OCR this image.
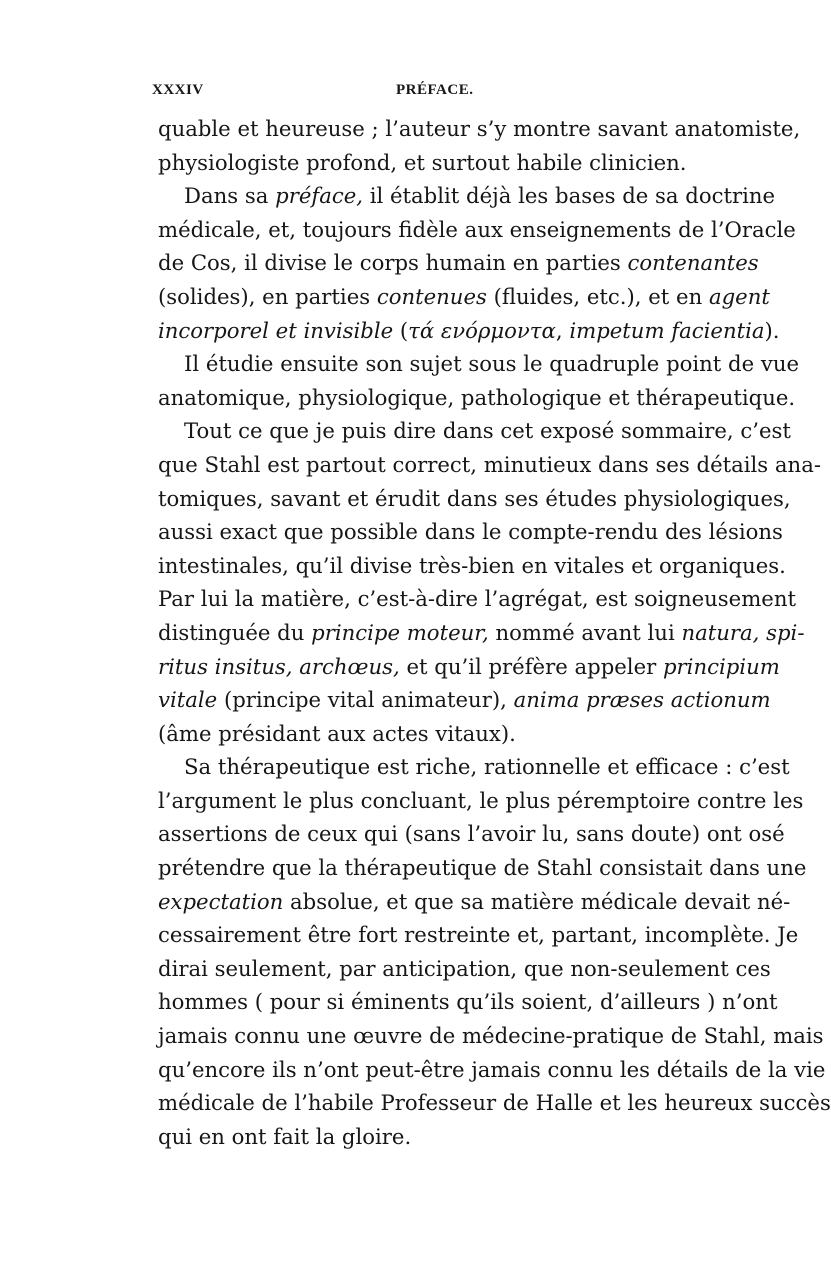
XXXIV	PRÉFACE.
quable et heureuse ; l’auteur s’y montre savant anatomiste,
physiologiste profond, et surtout habile clinicien.
Dans sa préface, il établit déjà les bases de sa doctrine
médicale, et, toujours fidèle aux enseignements de l’Oracle
de Cos, il divise le corps humain en parties contenantes
(solides), en parties contenues (fluides, etc.), et en agent
incorporel et invisible (τά ενόρμοντα, impetum facientia).
Il étudie ensuite son sujet sous le quadruple point de vue
anatomique, physiologique, pathologique et thérapeutique.
Tout ce que je puis dire dans cet exposé sommaire, c’est
que Stahl est partout correct, minutieux dans ses détails ana-
tomiques, savant et érudit dans ses études physiologiques,
aussi exact que possible dans le compte-rendu des lésions
intestinales, qu’il divise très-bien en vitales et organiques.
Par lui la matière, c’est-à-dire l’agrégat, est soigneusement
distinguée du principe moteur, nommé avant lui natura, spi-
ritus insitus, archœus, et qu’il préfère appeler principium
vitale (principe vital animateur), anima præses actionum
(âme présidant aux actes vitaux).
Sa thérapeutique est riche, rationnelle et efficace : c’est
l’argument le plus concluant, le plus péremptoire contre les
assertions de ceux qui (sans l’avoir lu, sans doute) ont osé
prétendre que la thérapeutique de Stahl consistait dans une
expectation absolue, et que sa matière médicale devait né-
cessairement être fort restreinte et, partant, incomplète. Je
dirai seulement, par anticipation, que non-seulement ces
hommes ( pour si éminents qu’ils soient, d’ailleurs ) n’ont
jamais connu une œuvre de médecine-pratique de Stahl, mais
qu’encore ils n’ont peut-être jamais connu les détails de la vie
médicale de l’habile Professeur de Halle et les heureux succès
qui en ont fait la gloire.
